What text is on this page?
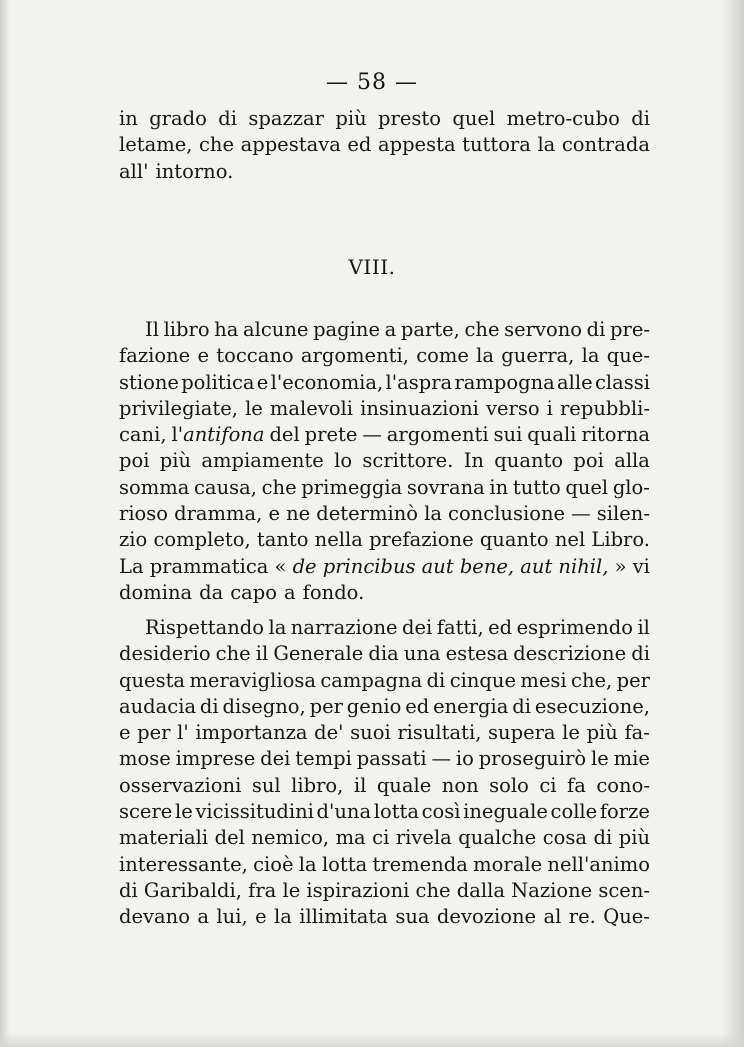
— 58 —
in grado di spazzar più presto quel metro-cubo di
letame, che appestava ed appesta tuttora la contrada
all' intorno.
VIII.
Il libro ha alcune pagine a parte, che servono di pre-
fazione e toccano argomenti, come la guerra, la que-
stione politica e l'economia, l'aspra rampogna alle classi
privilegiate, le malevoli insinuazioni verso i repubbli-
cani, l'antifona del prete — argomenti sui quali ritorna
poi più ampiamente lo scrittore. In quanto poi alla
somma causa, che primeggia sovrana in tutto quel glo-
rioso dramma, e ne determinò la conclusione — silen-
zio completo, tanto nella prefazione quanto nel Libro.
La prammatica « de princibus aut bene, aut nihil, » vi
domina da capo a fondo.
Rispettando la narrazione dei fatti, ed esprimendo il
desiderio che il Generale dia una estesa descrizione di
questa meravigliosa campagna di cinque mesi che, per
audacia di disegno, per genio ed energia di esecuzione,
e per l' importanza de' suoi risultati, supera le più fa-
mose imprese dei tempi passati — io proseguirò le mie
osservazioni sul libro, il quale non solo ci fa cono-
scere le vicissitudini d'una lotta così ineguale colle forze
materiali del nemico, ma ci rivela qualche cosa di più
interessante, cioè la lotta tremenda morale nell'animo
di Garibaldi, fra le ispirazioni che dalla Nazione scen-
devano a lui, e la illimitata sua devozione al re. Que-
